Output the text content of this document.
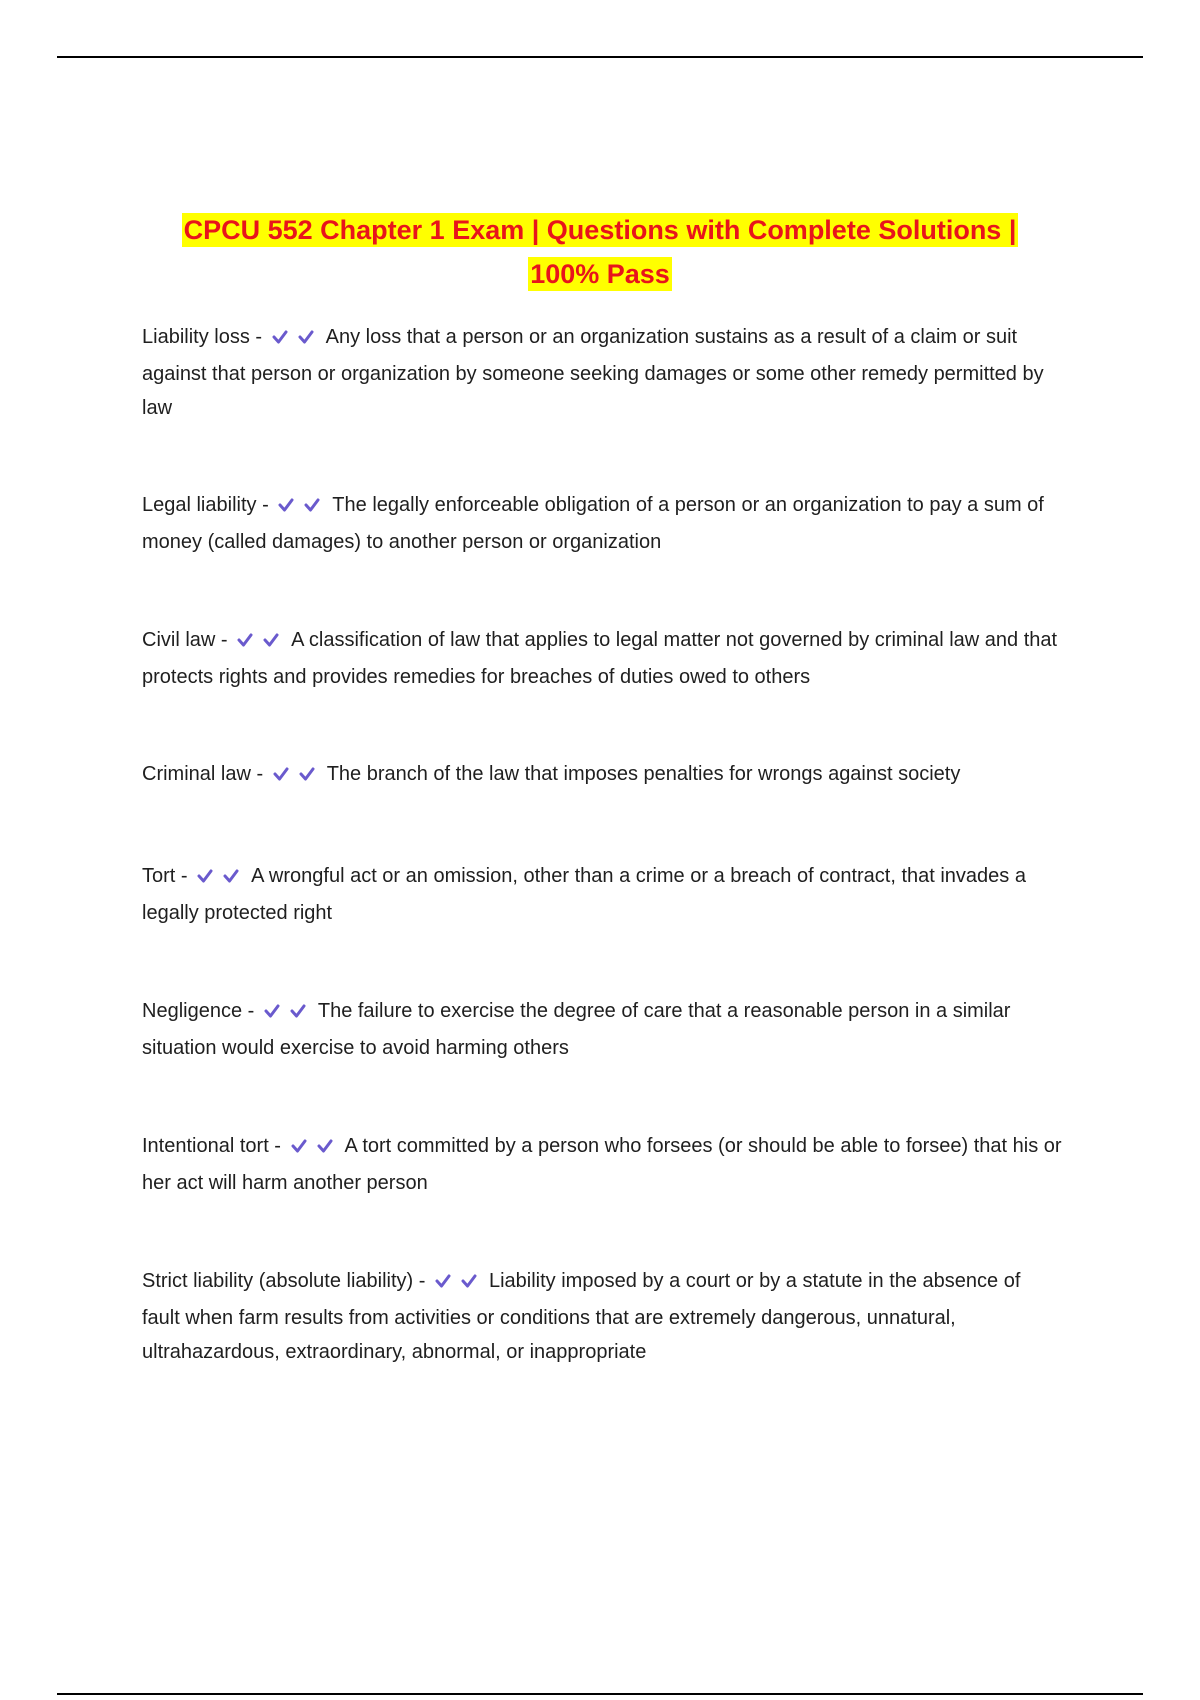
CPCU 552 Chapter 1 Exam | Questions with Complete Solutions |
100% Pass
Liability loss -	Any loss that a person or an organization sustains as a result of a claim or suit against that person or organization by someone seeking damages or some other remedy permitted by law
Legal liability -	The legally enforceable obligation of a person or an organization to pay a sum of money (called damages) to another person or organization
Civil law -	A classification of law that applies to legal matter not governed by criminal law and that protects rights and provides remedies for breaches of duties owed to others
Criminal law -	The branch of the law that imposes penalties for wrongs against society
Tort -	A wrongful act or an omission, other than a crime or a breach of contract, that invades a legally protected right
Negligence -	The failure to exercise the degree of care that a reasonable person in a similar situation would exercise to avoid harming others
Intentional tort -	A tort committed by a person who forsees (or should be able to forsee) that his or her act will harm another person
Strict liability (absolute liability) -	Liability imposed by a court or by a statute in the absence of fault when farm results from activities or conditions that are extremely dangerous, unnatural, ultrahazardous, extraordinary, abnormal, or inappropriate
